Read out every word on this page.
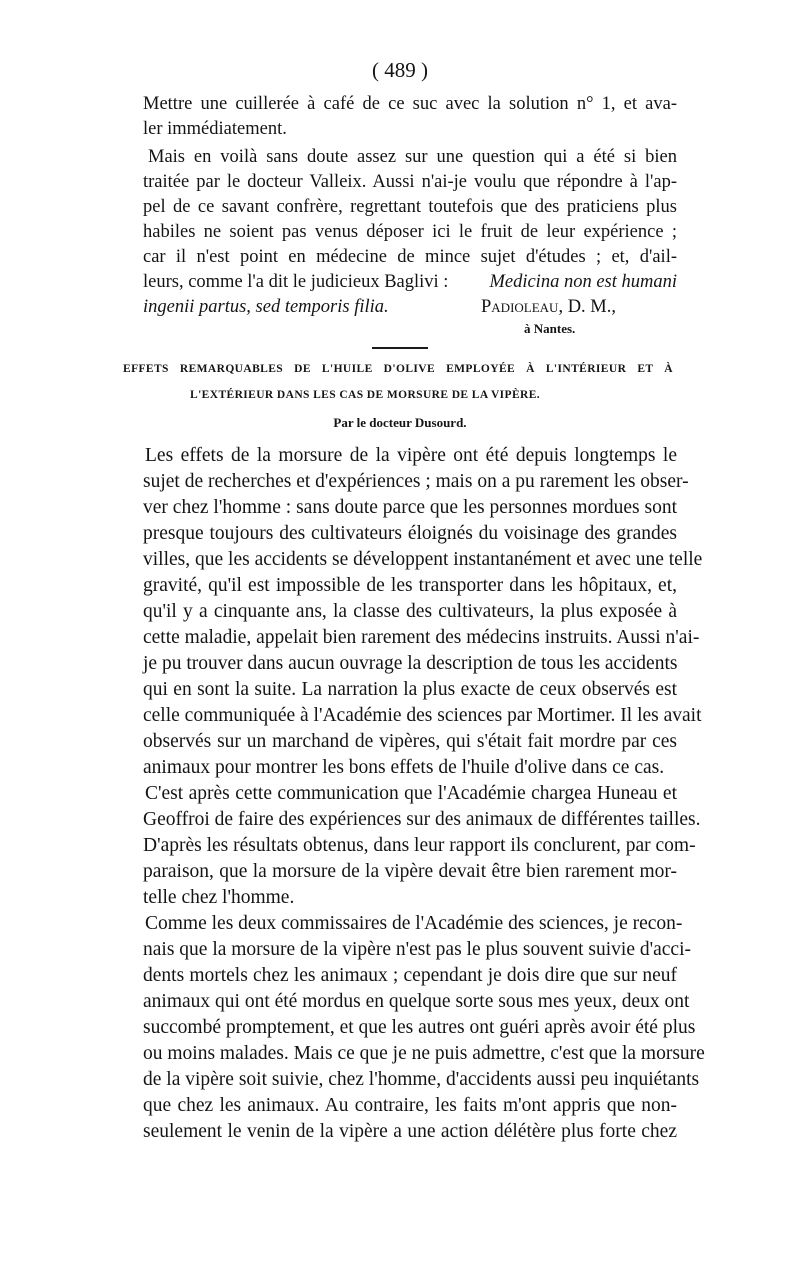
( 489 )
Mettre une cuillerée à café de ce suc avec la solution n° 1, et ava-
ler immédiatement.
Mais en voilà sans doute assez sur une question qui a été si bien
traitée par le docteur Valleix. Aussi n'ai-je voulu que répondre à l'ap-
pel de ce savant confrère, regrettant toutefois que des praticiens plus
habiles ne soient pas venus déposer ici le fruit de leur expérience ;
car il n'est point en médecine de mince sujet d'études ; et, d'ail-
leurs, comme l'a dit le judicieux Baglivi : Medicina non est humani
ingenii partus, sed temporis filia.	Padioleau, D. M.,
à Nantes.
EFFETS REMARQUABLES DE L'HUILE D'OLIVE EMPLOYÉE À L'INTÉRIEUR ET À
L'EXTÉRIEUR DANS LES CAS DE MORSURE DE LA VIPÈRE.
Par le docteur Dusourd.
Les effets de la morsure de la vipère ont été depuis longtemps le
sujet de recherches et d'expériences ; mais on a pu rarement les obser-
ver chez l'homme : sans doute parce que les personnes mordues sont
presque toujours des cultivateurs éloignés du voisinage des grandes
villes, que les accidents se développent instantanément et avec une telle
gravité, qu'il est impossible de les transporter dans les hôpitaux, et,
qu'il y a cinquante ans, la classe des cultivateurs, la plus exposée à
cette maladie, appelait bien rarement des médecins instruits. Aussi n'ai-
je pu trouver dans aucun ouvrage la description de tous les accidents
qui en sont la suite. La narration la plus exacte de ceux observés est
celle communiquée à l'Académie des sciences par Mortimer. Il les avait
observés sur un marchand de vipères, qui s'était fait mordre par ces
animaux pour montrer les bons effets de l'huile d'olive dans ce cas.
C'est après cette communication que l'Académie chargea Huneau et
Geoffroi de faire des expériences sur des animaux de différentes tailles.
D'après les résultats obtenus, dans leur rapport ils conclurent, par com-
paraison, que la morsure de la vipère devait être bien rarement mor-
telle chez l'homme.
Comme les deux commissaires de l'Académie des sciences, je recon-
nais que la morsure de la vipère n'est pas le plus souvent suivie d'acci-
dents mortels chez les animaux ; cependant je dois dire que sur neuf
animaux qui ont été mordus en quelque sorte sous mes yeux, deux ont
succombé promptement, et que les autres ont guéri après avoir été plus
ou moins malades. Mais ce que je ne puis admettre, c'est que la morsure
de la vipère soit suivie, chez l'homme, d'accidents aussi peu inquiétants
que chez les animaux. Au contraire, les faits m'ont appris que non-
seulement le venin de la vipère a une action délétère plus forte chez
